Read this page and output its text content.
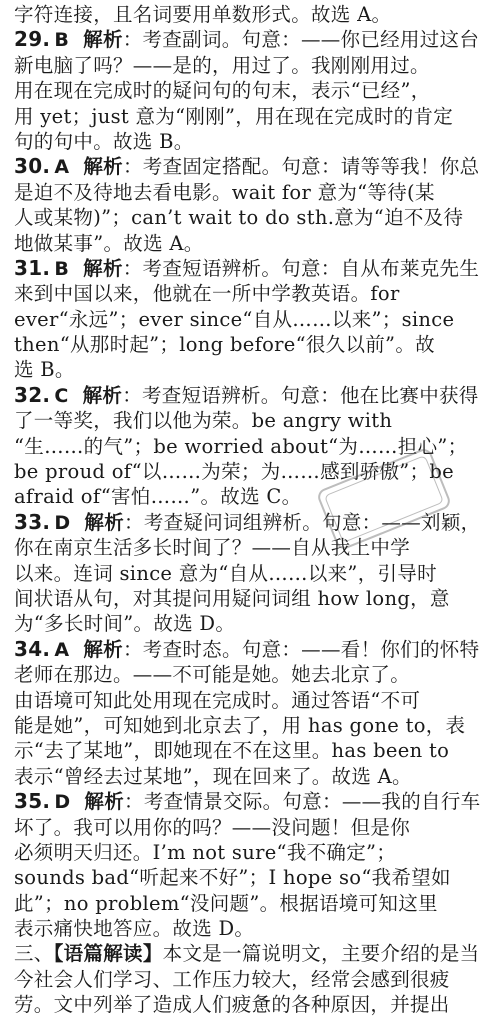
字符连接，且名词要用单数形式。故选 A。
29. B 解析：考查副词。句意：——你已经用过这台
新电脑了吗？——是的，用过了。我刚刚用过。
用在现在完成时的疑问句的句末，表示“已经”，
用 yet；just 意为“刚刚”，用在现在完成时的肯定
句的句中。故选 B。
30. A 解析：考查固定搭配。句意：请等等我！你总
是迫不及待地去看电影。wait for 意为“等待(某
人或某物)”；can’t wait to do sth.意为“迫不及待
地做某事”。故选 A。
31. B 解析：考查短语辨析。句意：自从布莱克先生
来到中国以来，他就在一所中学教英语。for
ever“永远”；ever since“自从……以来”；since
then“从那时起”；long before“很久以前”。故
选 B。
32. C 解析：考查短语辨析。句意：他在比赛中获得
了一等奖，我们以他为荣。be angry with
“生……的气”；be worried about“为……担心”；
be proud of“以……为荣；为……感到骄傲”；be
afraid of“害怕……”。故选 C。
33. D 解析：考查疑问词组辨析。句意：——刘颖，
你在南京生活多长时间了？——自从我上中学
以来。连词 since 意为“自从……以来”，引导时
间状语从句，对其提问用疑问词组 how long，意
为“多长时间”。故选 D。
34. A 解析：考查时态。句意：——看！你们的怀特
老师在那边。——不可能是她。她去北京了。
由语境可知此处用现在完成时。通过答语“不可
能是她”，可知她到北京去了，用 has gone to，表
示“去了某地”，即她现在不在这里。has been to
表示“曾经去过某地”，现在回来了。故选 A。
35. D 解析：考查情景交际。句意：——我的自行车
坏了。我可以用你的吗？——没问题！但是你
必须明天归还。I’m not sure“我不确定”；
sounds bad“听起来不好”；I hope so“我希望如
此”；no problem“没问题”。根据语境可知这里
表示痛快地答应。故选 D。
三、【语篇解读】本文是一篇说明文，主要介绍的是当
今社会人们学习、工作压力较大，经常会感到很疲
劳。文中列举了造成人们疲惫的各种原因，并提出
